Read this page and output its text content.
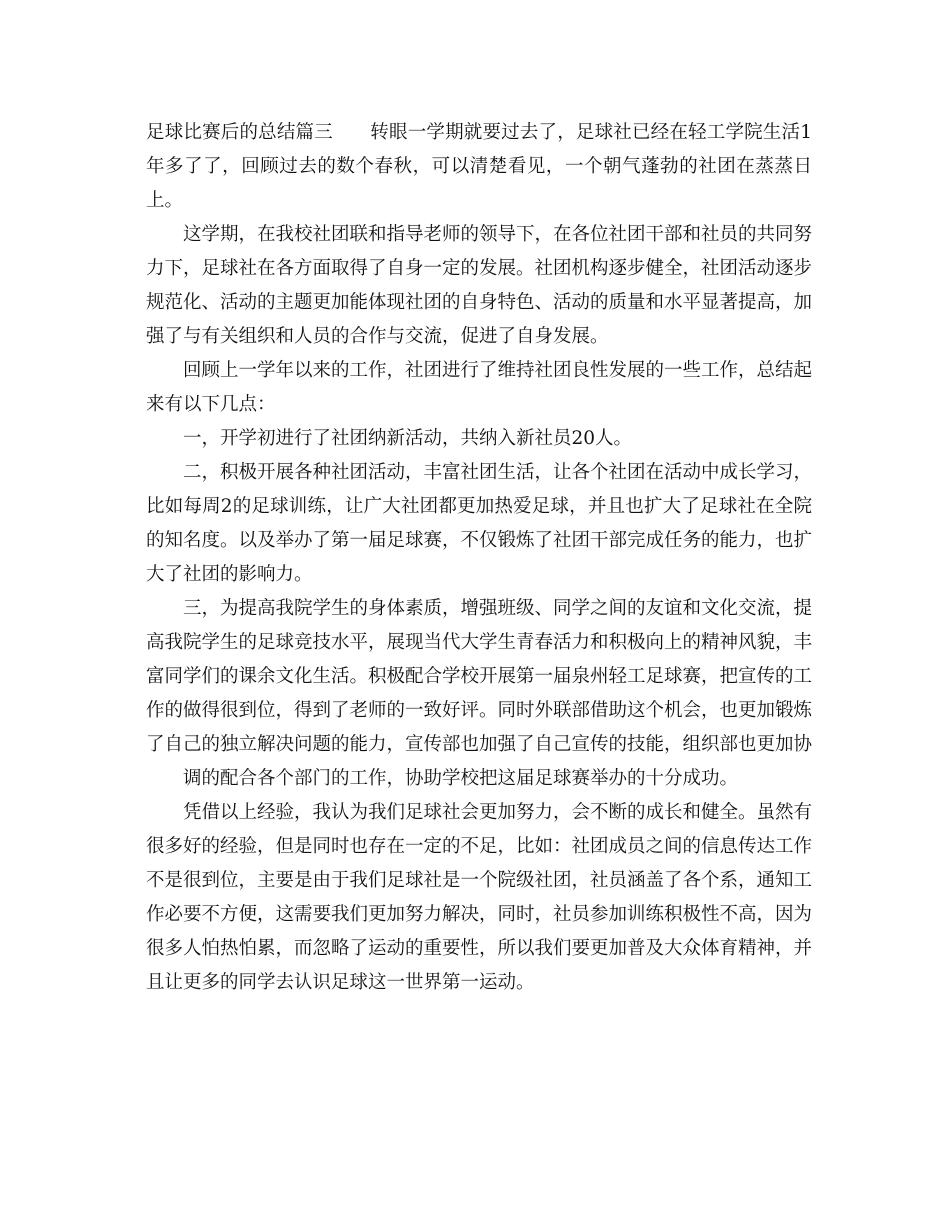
足球比赛后的总结篇三　　转眼一学期就要过去了，足球社已经在轻工学院生活1年多了了，回顾过去的数个春秋，可以清楚看见，一个朝气蓬勃的社团在蒸蒸日上。

这学期，在我校社团联和指导老师的领导下，在各位社团干部和社员的共同努力下，足球社在各方面取得了自身一定的发展。社团机构逐步健全，社团活动逐步规范化、活动的主题更加能体现社团的自身特色、活动的质量和水平显著提高，加强了与有关组织和人员的合作与交流，促进了自身发展。

回顾上一学年以来的工作，社团进行了维持社团良性发展的一些工作，总结起来有以下几点：

一，开学初进行了社团纳新活动，共纳入新社员20人。

二，积极开展各种社团活动，丰富社团生活，让各个社团在活动中成长学习，比如每周2的足球训练，让广大社团都更加热爱足球，并且也扩大了足球社在全院的知名度。以及举办了第一届足球赛，不仅锻炼了社团干部完成任务的能力，也扩大了社团的影响力。

三，为提高我院学生的身体素质，增强班级、同学之间的友谊和文化交流，提高我院学生的足球竞技水平，展现当代大学生青春活力和积极向上的精神风貌，丰富同学们的课余文化生活。积极配合学校开展第一届泉州轻工足球赛，把宣传的工作的做得很到位，得到了老师的一致好评。同时外联部借助这个机会，也更加锻炼了自己的独立解决问题的能力，宣传部也加强了自己宣传的技能，组织部也更加协

调的配合各个部门的工作，协助学校把这届足球赛举办的十分成功。

凭借以上经验，我认为我们足球社会更加努力，会不断的成长和健全。虽然有很多好的经验，但是同时也存在一定的不足，比如：社团成员之间的信息传达工作不是很到位，主要是由于我们足球社是一个院级社团，社员涵盖了各个系，通知工作必要不方便，这需要我们更加努力解决，同时，社员参加训练积极性不高，因为很多人怕热怕累，而忽略了运动的重要性，所以我们要更加普及大众体育精神，并且让更多的同学去认识足球这一世界第一运动。
